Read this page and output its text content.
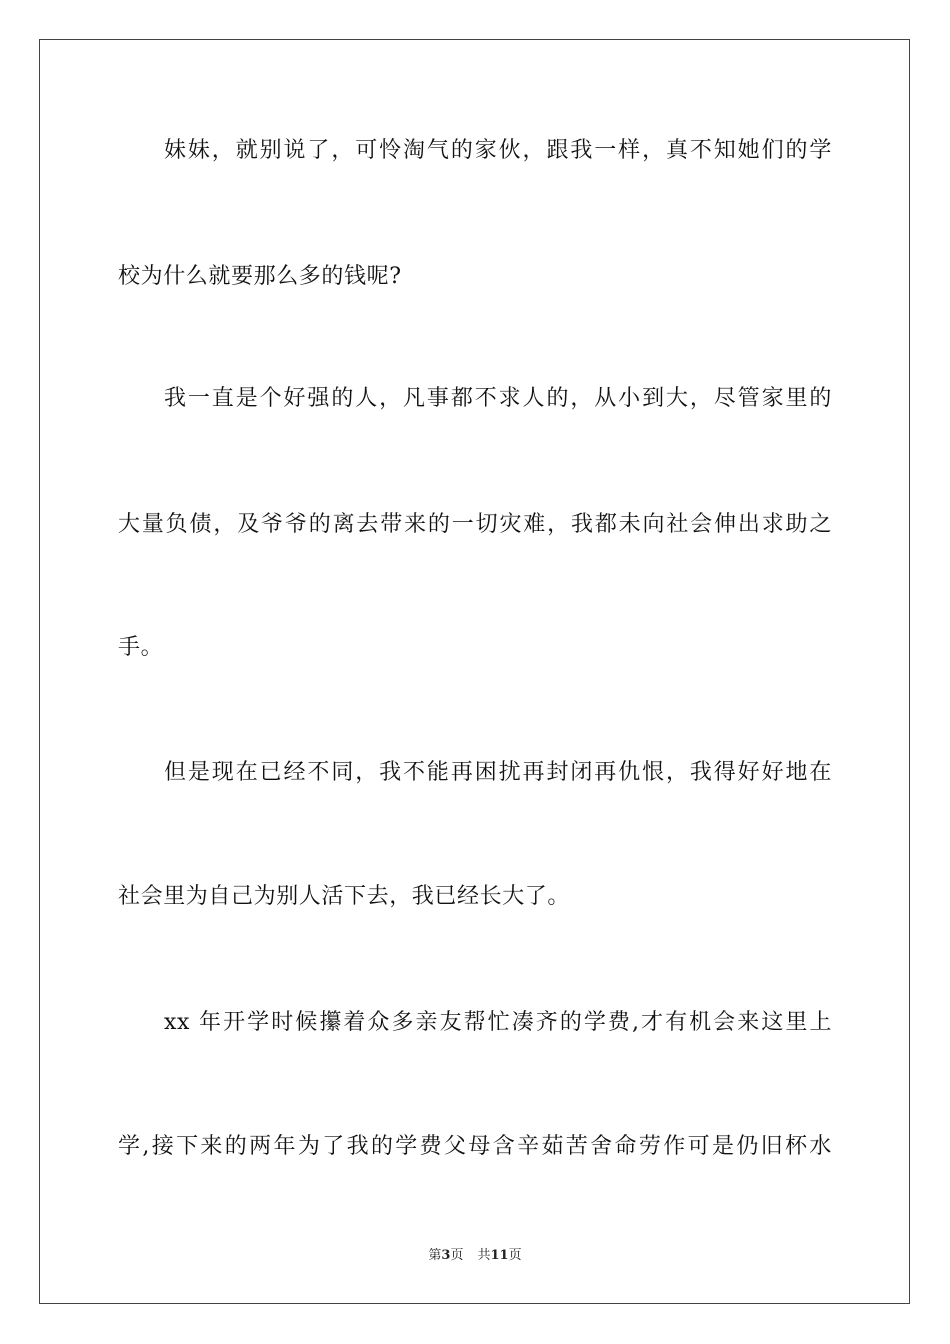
妹妹，就别说了，可怜淘气的家伙，跟我一样，真不知她们的学
校为什么就要那么多的钱呢?
我一直是个好强的人，凡事都不求人的，从小到大，尽管家里的
大量负债，及爷爷的离去带来的一切灾难，我都未向社会伸出求助之
手。
但是现在已经不同，我不能再困扰再封闭再仇恨，我得好好地在
社会里为自己为别人活下去，我已经长大了。
xx 年开学时候攥着众多亲友帮忙凑齐的学费,才有机会来这里上
学,接下来的两年为了我的学费父母含辛茹苦舍命劳作可是仍旧杯水
第3页 共11页
